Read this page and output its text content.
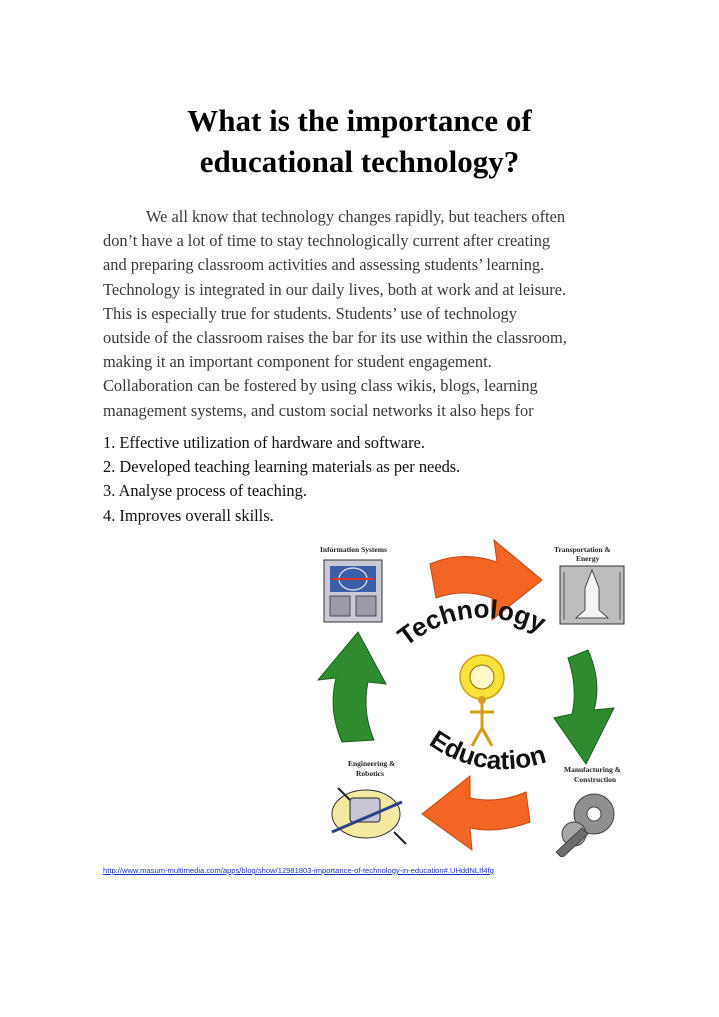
What is the importance of
educational technology?
We all know that technology changes rapidly, but teachers often
don’t have a lot of time to stay technologically current after creating
and preparing classroom activities and assessing students’ learning.
Technology is integrated in our daily lives, both at work and at leisure.
This is especially true for students. Students’ use of technology
outside of the classroom raises the bar for its use within the classroom,
making it an important component for student engagement.
Collaboration can be fostered by using class wikis, blogs, learning
management systems, and custom social networks it also heps for
1. Effective utilization of hardware and software.
2. Developed teaching learning materials as per needs.
3. Analyse process of teaching.
4. Improves overall skills.
Information Systems	Transportation &
Energy
Technology
Education Manufacturing &
Construction
Engineering &
Robotics
http://www.masum-multimedia.com/apps/blog/show/12981803-importance-of-technology-in-education#.UHddNLIf4fg
